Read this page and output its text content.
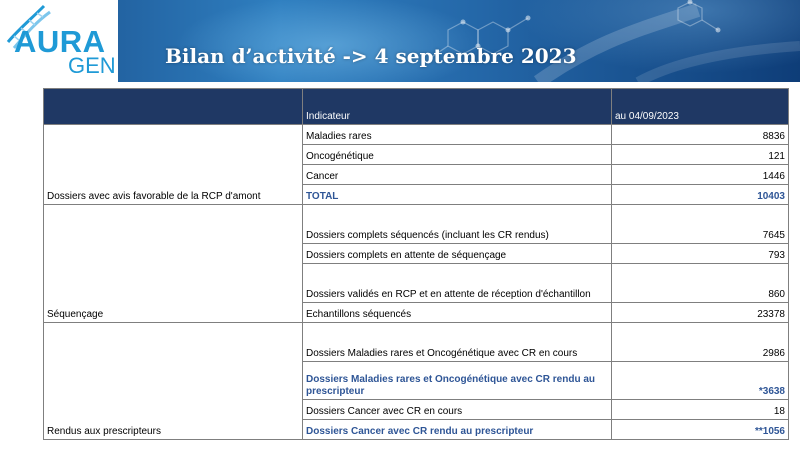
AURA
GEN Bilan d’activité -> 4 septembre 2023
	Indicateur	au 04/09/2023
Dossiers avec avis favorable de la RCP d'amont	Maladies rares	8836
	Oncogénétique	121
	Cancer	1446
	TOTAL	10403
Séquençage	Dossiers complets séquencés (incluant les CR rendus)	7645
	Dossiers complets en attente de séquençage	793
	Dossiers validés en RCP et en attente de réception d'échantillon	860
	Echantillons séquencés	23378
Rendus aux prescripteurs	Dossiers Maladies rares et Oncogénétique avec CR en cours	2986
	Dossiers Maladies rares et Oncogénétique avec CR rendu au prescripteur	*3638
	Dossiers Cancer avec CR en cours	18
	Dossiers Cancer avec CR rendu au prescripteur	**1056
